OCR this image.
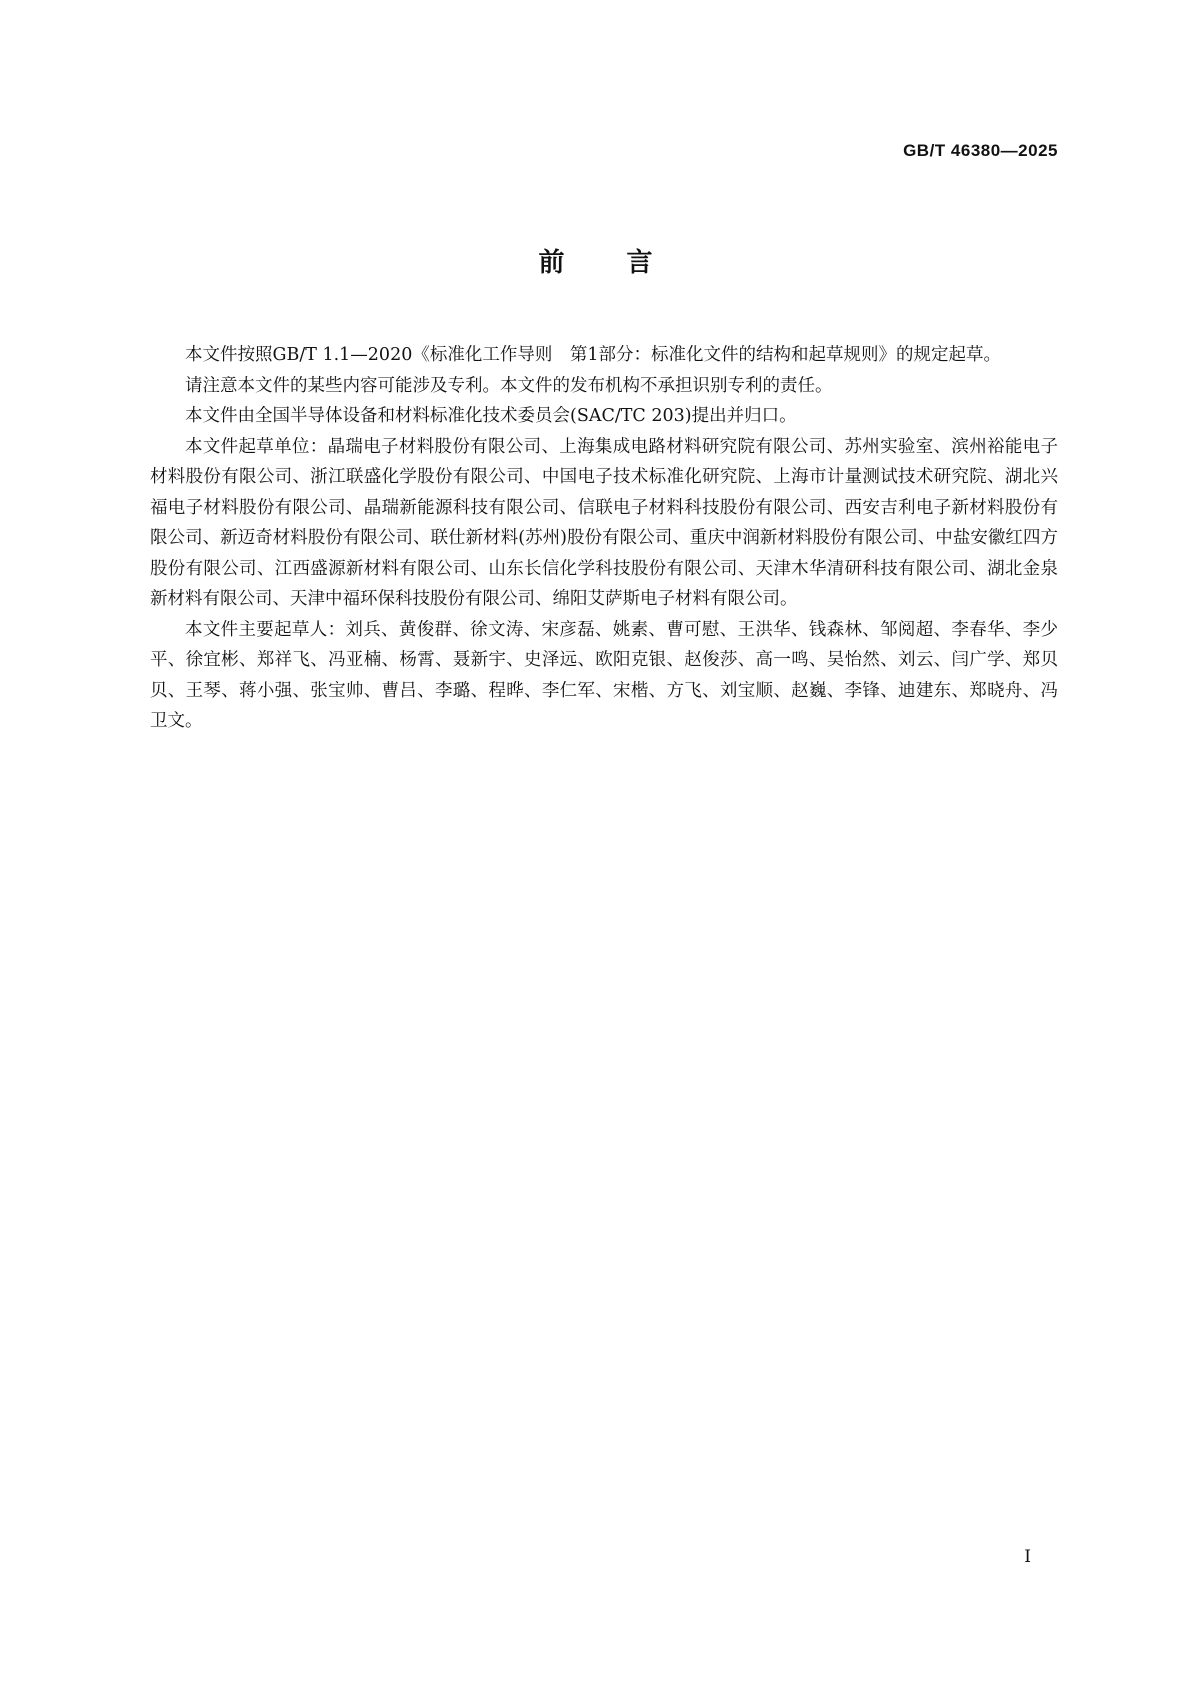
GB/T 46380—2025
前言

本文件按照GB/T 1.1—2020《标准化工作导则　第1部分：标准化文件的结构和起草规则》的规定起草。

请注意本文件的某些内容可能涉及专利。本文件的发布机构不承担识别专利的责任。

本文件由全国半导体设备和材料标准化技术委员会(SAC/TC 203)提出并归口。

本文件起草单位：晶瑞电子材料股份有限公司、上海集成电路材料研究院有限公司、苏州实验室、滨州裕能电子材料股份有限公司、浙江联盛化学股份有限公司、中国电子技术标准化研究院、上海市计量测试技术研究院、湖北兴福电子材料股份有限公司、晶瑞新能源科技有限公司、信联电子材料科技股份有限公司、西安吉利电子新材料股份有限公司、新迈奇材料股份有限公司、联仕新材料(苏州)股份有限公司、重庆中润新材料股份有限公司、中盐安徽红四方股份有限公司、江西盛源新材料有限公司、山东长信化学科技股份有限公司、天津木华清研科技有限公司、湖北金泉新材料有限公司、天津中福环保科技股份有限公司、绵阳艾萨斯电子材料有限公司。

本文件主要起草人：刘兵、黄俊群、徐文涛、宋彦磊、姚素、曹可慰、王洪华、钱森林、邹阅超、李春华、李少平、徐宜彬、郑祥飞、冯亚楠、杨霄、聂新宇、史泽远、欧阳克银、赵俊莎、高一鸣、吴怡然、刘云、闫广学、郑贝贝、王琴、蒋小强、张宝帅、曹吕、李璐、程晔、李仁军、宋楷、方飞、刘宝顺、赵巍、李锋、迪建东、郑晓舟、冯卫文。

I
